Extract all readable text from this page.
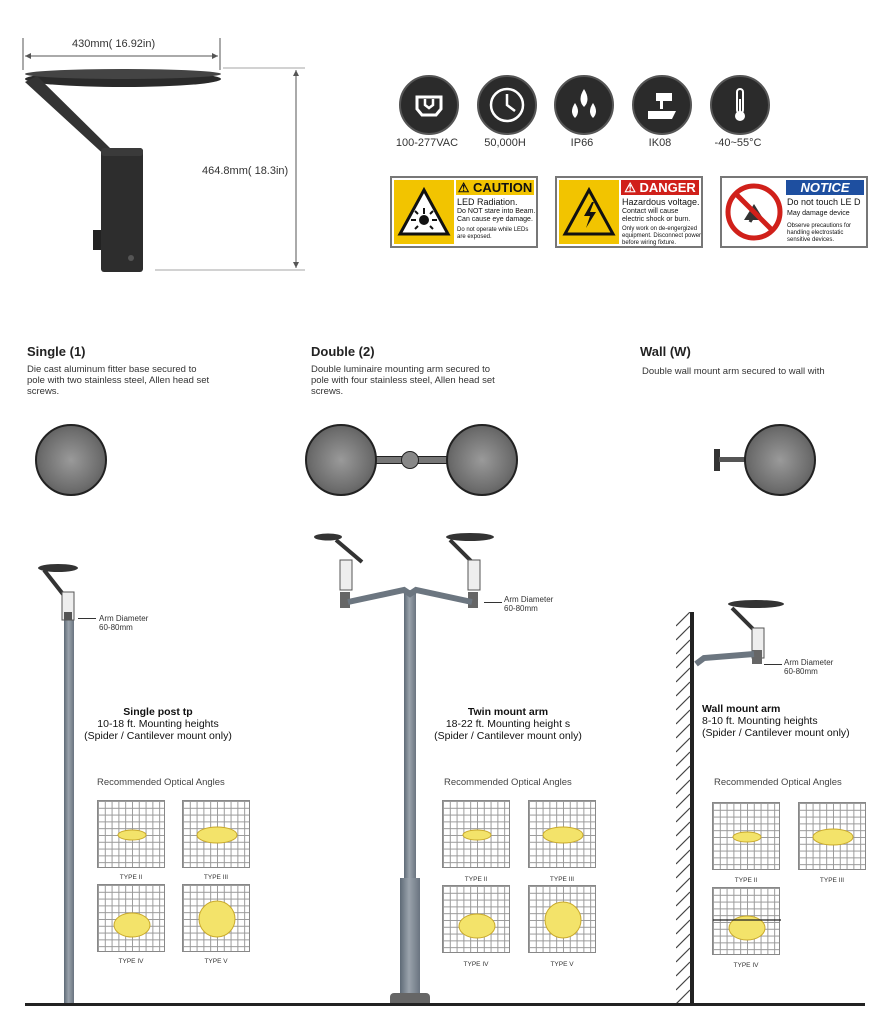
430mm( 16.92in)
464.8mm( 18.3in)
100-277VAC	50,000H	IP66	IK08	-40~55°C
⚠ CAUTION
LED Radiation.
Do NOT stare into Beam. Can cause eye damage.
Do not operate while LEDs are exposed.
⚠ DANGER
Hazardous voltage.
Contact will cause electric shock or burn.
Only work on de-engergized equipment. Disconnect power before wiring fixture.
NOTICE
Do not touch LE D
May damage device
Observe precautions for handling electrostatic sensitive devices.
Single (1)
Die cast aluminum fitter base secured to pole with two stainless steel, Allen head set screws.
Double (2)
Double luminaire mounting arm secured to pole with four stainless steel, Allen head set screws.
Wall (W)
Double wall mount arm secured to wall with
Arm Diameter
60-80mm
Arm Diameter
60-80mm
Arm Diameter
60-80mm
Single post tp
10-18 ft. Mounting heights
(Spider / Cantilever mount only)
Twin mount arm
18-22 ft. Mounting height s
(Spider / Cantilever mount only)
Wall mount arm
8-10 ft. Mounting heights
(Spider / Cantilever mount only)
Recommended Optical Angles	Recommended Optical Angles	Recommended Optical Angles
TYPE II	TYPE III
TYPE IV	TYPE V
TYPE II	TYPE III
TYPE IV	TYPE V
TYPE II	TYPE III
TYPE IV
